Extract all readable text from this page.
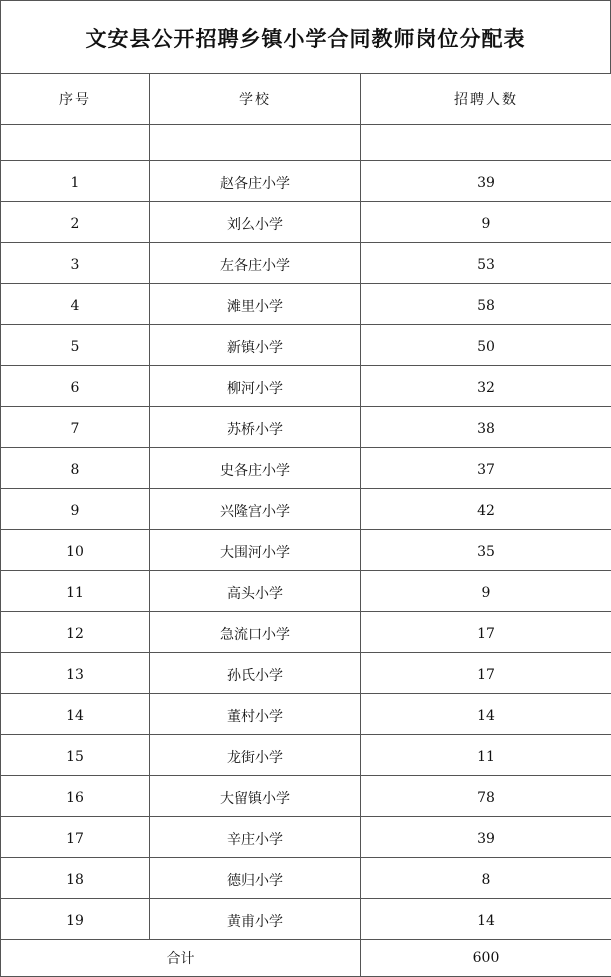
文安县公开招聘乡镇小学合同教师岗位分配表
序号	学校	招聘人数

1	赵各庄小学	39
2	刘么小学	9
3	左各庄小学	53
4	滩里小学	58
5	新镇小学	50
6	柳河小学	32
7	苏桥小学	38
8	史各庄小学	37
9	兴隆宫小学	42
10	大围河小学	35
11	高头小学	9
12	急流口小学	17
13	孙氏小学	17
14	董村小学	14
15	龙街小学	11
16	大留镇小学	78
17	辛庄小学	39
18	德归小学	8
19	黄甫小学	14
合计		600
